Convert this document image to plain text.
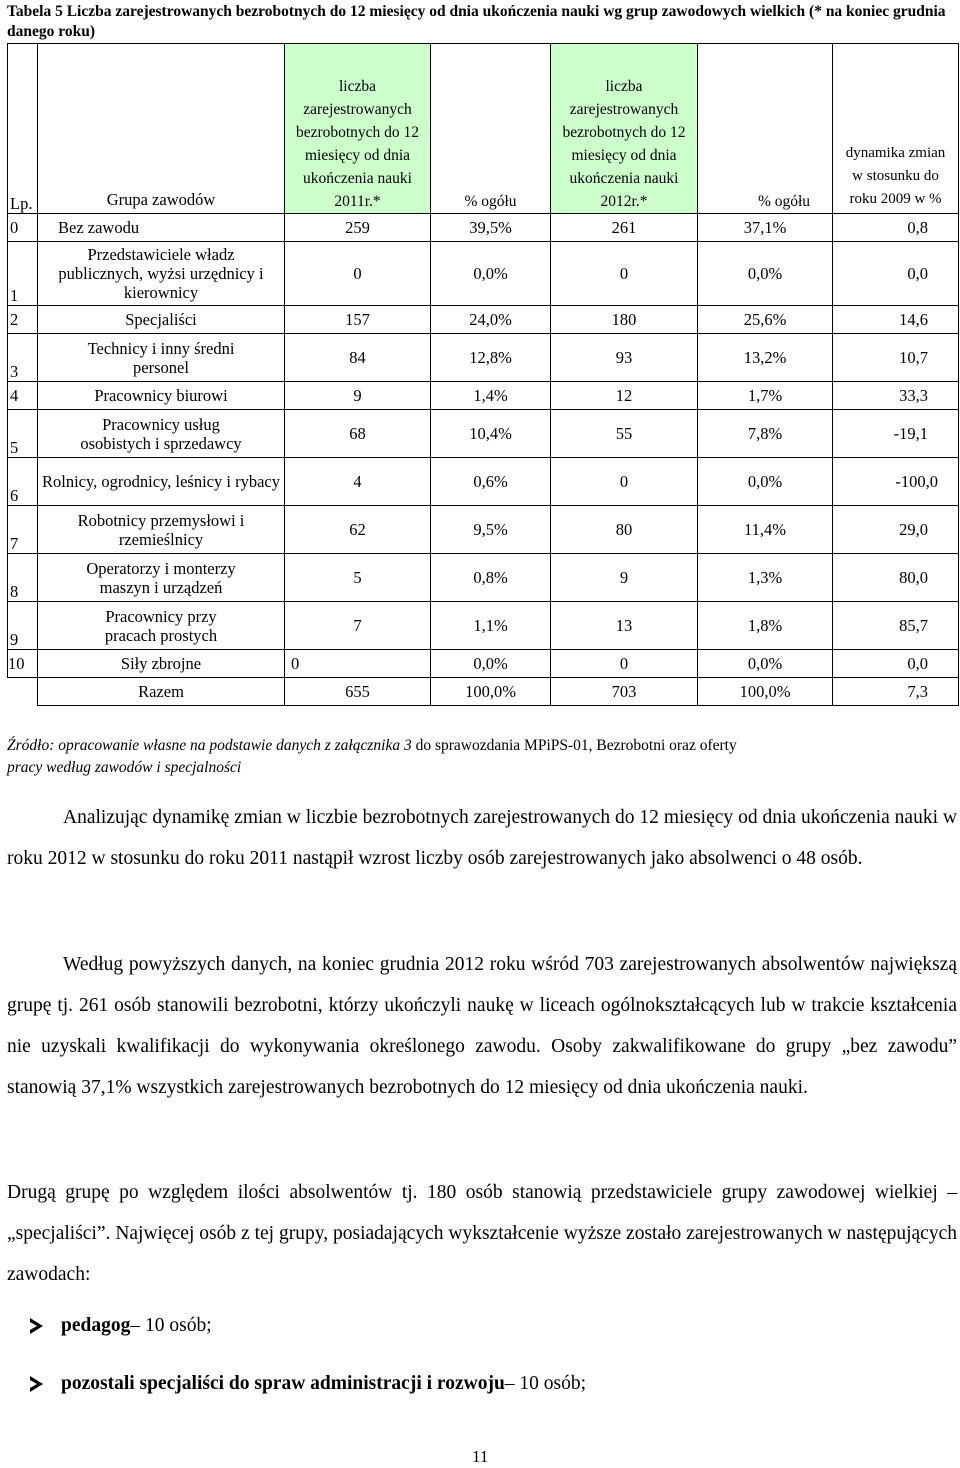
Tabela 5 Liczba zarejestrowanych bezrobotnych do 12 miesięcy od dnia ukończenia nauki wg grup zawodowych wielkich (* na koniec grudnia danego roku)
Lp.	Grupa zawodów	liczba zarejestrowanych bezrobotnych do 12 miesięcy od dnia ukończenia nauki 2011r.*	% ogółu	liczba zarejestrowanych bezrobotnych do 12 miesięcy od dnia ukończenia nauki 2012r.*	% ogółu	dynamika zmian w stosunku do roku 2009 w %
0	Bez zawodu	259	39,5%	261	37,1%	0,8
1	Przedstawiciele władz publicznych, wyżsi urzędnicy i kierownicy	0	0,0%	0	0,0%	0,0
2	Specjaliści	157	24,0%	180	25,6%	14,6
3	Technicy i inny średni personel	84	12,8%	93	13,2%	10,7
4	Pracownicy biurowi	9	1,4%	12	1,7%	33,3
5	Pracownicy usług osobistych i sprzedawcy	68	10,4%	55	7,8%	-19,1
6	Rolnicy, ogrodnicy, leśnicy i rybacy	4	0,6%	0	0,0%	-100,0
7	Robotnicy przemysłowi i rzemieślnicy	62	9,5%	80	11,4%	29,0
8	Operatorzy i monterzy maszyn i urządzeń	5	0,8%	9	1,3%	80,0
9	Pracownicy przy pracach prostych	7	1,1%	13	1,8%	85,7
10	Siły zbrojne	0	0,0%	0	0,0%	0,0
	Razem	655	100,0%	703	100,0%	7,3
Źródło: opracowanie własne na podstawie danych z załącznika 3 do sprawozdania MPiPS-01, Bezrobotni oraz oferty
pracy według zawodów i specjalności
Analizując dynamikę zmian w liczbie bezrobotnych zarejestrowanych do 12 miesięcy od dnia ukończenia nauki w roku 2012 w stosunku do roku 2011 nastąpił wzrost liczby osób zarejestrowanych jako absolwenci o 48 osób.
Według powyższych danych, na koniec grudnia 2012 roku wśród 703 zarejestrowanych absolwentów największą grupę tj. 261 osób stanowili bezrobotni, którzy ukończyli naukę w liceach ogólnokształcących lub w trakcie kształcenia nie uzyskali kwalifikacji do wykonywania określonego zawodu. Osoby zakwalifikowane do grupy „bez zawodu” stanowią 37,1% wszystkich zarejestrowanych bezrobotnych do 12 miesięcy od dnia ukończenia nauki.
Drugą grupę po względem ilości absolwentów tj. 180 osób stanowią przedstawiciele grupy zawodowej wielkiej – „specjaliści”. Najwięcej osób z tej grupy, posiadających wykształcenie wyższe zostało zarejestrowanych w następujących zawodach:
pedagog – 10 osób;
pozostali specjaliści do spraw administracji i rozwoju – 10 osób;
11
